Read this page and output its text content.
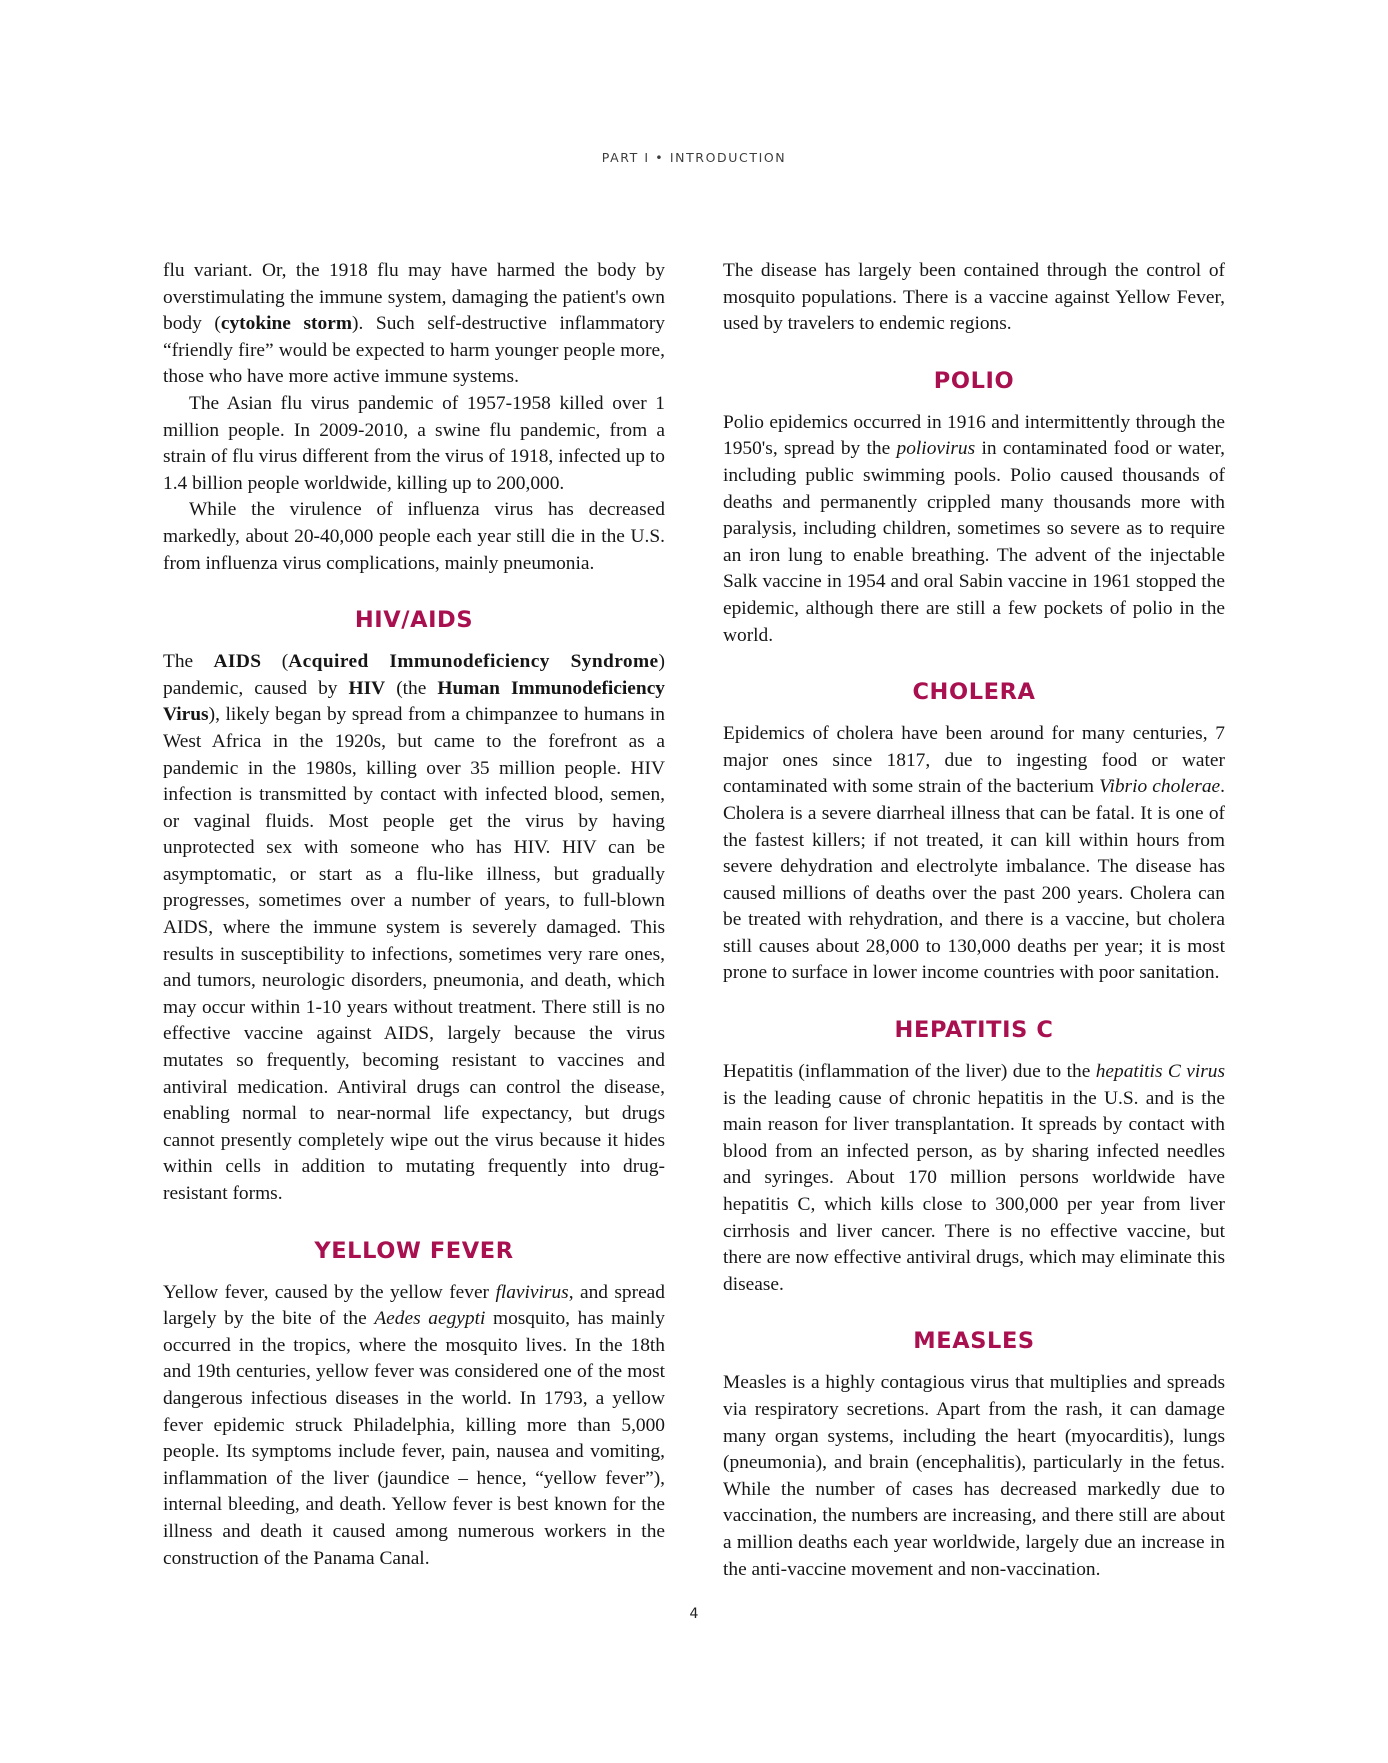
PART I • INTRODUCTION

flu variant. Or, the 1918 flu may have harmed the body by overstimulating the immune system, damaging the patient's own body (cytokine storm). Such self-destructive inflammatory “friendly fire” would be expected to harm younger people more, those who have more active immune systems.

The Asian flu virus pandemic of 1957-1958 killed over 1 million people. In 2009-2010, a swine flu pandemic, from a strain of flu virus different from the virus of 1918, infected up to 1.4 billion people worldwide, killing up to 200,000.

While the virulence of influenza virus has decreased markedly, about 20-40,000 people each year still die in the U.S. from influenza virus complications, mainly pneumonia.

HIV/AIDS

The AIDS (Acquired Immunodeficiency Syndrome) pandemic, caused by HIV (the Human Immunodeficiency Virus), likely began by spread from a chimpanzee to humans in West Africa in the 1920s, but came to the forefront as a pandemic in the 1980s, killing over 35 million people. HIV infection is transmitted by contact with infected blood, semen, or vaginal fluids. Most people get the virus by having unprotected sex with someone who has HIV. HIV can be asymptomatic, or start as a flu-like illness, but gradually progresses, sometimes over a number of years, to full-blown AIDS, where the immune system is severely damaged. This results in susceptibility to infections, sometimes very rare ones, and tumors, neurologic disorders, pneumonia, and death, which may occur within 1-10 years without treatment. There still is no effective vaccine against AIDS, largely because the virus mutates so frequently, becoming resistant to vaccines and antiviral medication. Antiviral drugs can control the disease, enabling normal to near-normal life expectancy, but drugs cannot presently completely wipe out the virus because it hides within cells in addition to mutating frequently into drug-resistant forms.

YELLOW FEVER

Yellow fever, caused by the yellow fever flavivirus, and spread largely by the bite of the Aedes aegypti mosquito, has mainly occurred in the tropics, where the mosquito lives. In the 18th and 19th centuries, yellow fever was considered one of the most dangerous infectious diseases in the world. In 1793, a yellow fever epidemic struck Philadelphia, killing more than 5,000 people. Its symptoms include fever, pain, nausea and vomiting, inflammation of the liver (jaundice – hence, “yellow fever”), internal bleeding, and death. Yellow fever is best known for the illness and death it caused among numerous workers in the construction of the Panama Canal.

The disease has largely been contained through the control of mosquito populations. There is a vaccine against Yellow Fever, used by travelers to endemic regions.

POLIO

Polio epidemics occurred in 1916 and intermittently through the 1950's, spread by the poliovirus in contaminated food or water, including public swimming pools. Polio caused thousands of deaths and permanently crippled many thousands more with paralysis, including children, sometimes so severe as to require an iron lung to enable breathing. The advent of the injectable Salk vaccine in 1954 and oral Sabin vaccine in 1961 stopped the epidemic, although there are still a few pockets of polio in the world.

CHOLERA

Epidemics of cholera have been around for many centuries, 7 major ones since 1817, due to ingesting food or water contaminated with some strain of the bacterium Vibrio cholerae. Cholera is a severe diarrheal illness that can be fatal. It is one of the fastest killers; if not treated, it can kill within hours from severe dehydration and electrolyte imbalance. The disease has caused millions of deaths over the past 200 years. Cholera can be treated with rehydration, and there is a vaccine, but cholera still causes about 28,000 to 130,000 deaths per year; it is most prone to surface in lower income countries with poor sanitation.

HEPATITIS C

Hepatitis (inflammation of the liver) due to the hepatitis C virus is the leading cause of chronic hepatitis in the U.S. and is the main reason for liver transplantation. It spreads by contact with blood from an infected person, as by sharing infected needles and syringes. About 170 million persons worldwide have hepatitis C, which kills close to 300,000 per year from liver cirrhosis and liver cancer. There is no effective vaccine, but there are now effective antiviral drugs, which may eliminate this disease.

MEASLES

Measles is a highly contagious virus that multiplies and spreads via respiratory secretions. Apart from the rash, it can damage many organ systems, including the heart (myocarditis), lungs (pneumonia), and brain (encephalitis), particularly in the fetus. While the number of cases has decreased markedly due to vaccination, the numbers are increasing, and there still are about a million deaths each year worldwide, largely due an increase in the anti-vaccine movement and non-vaccination.

4
